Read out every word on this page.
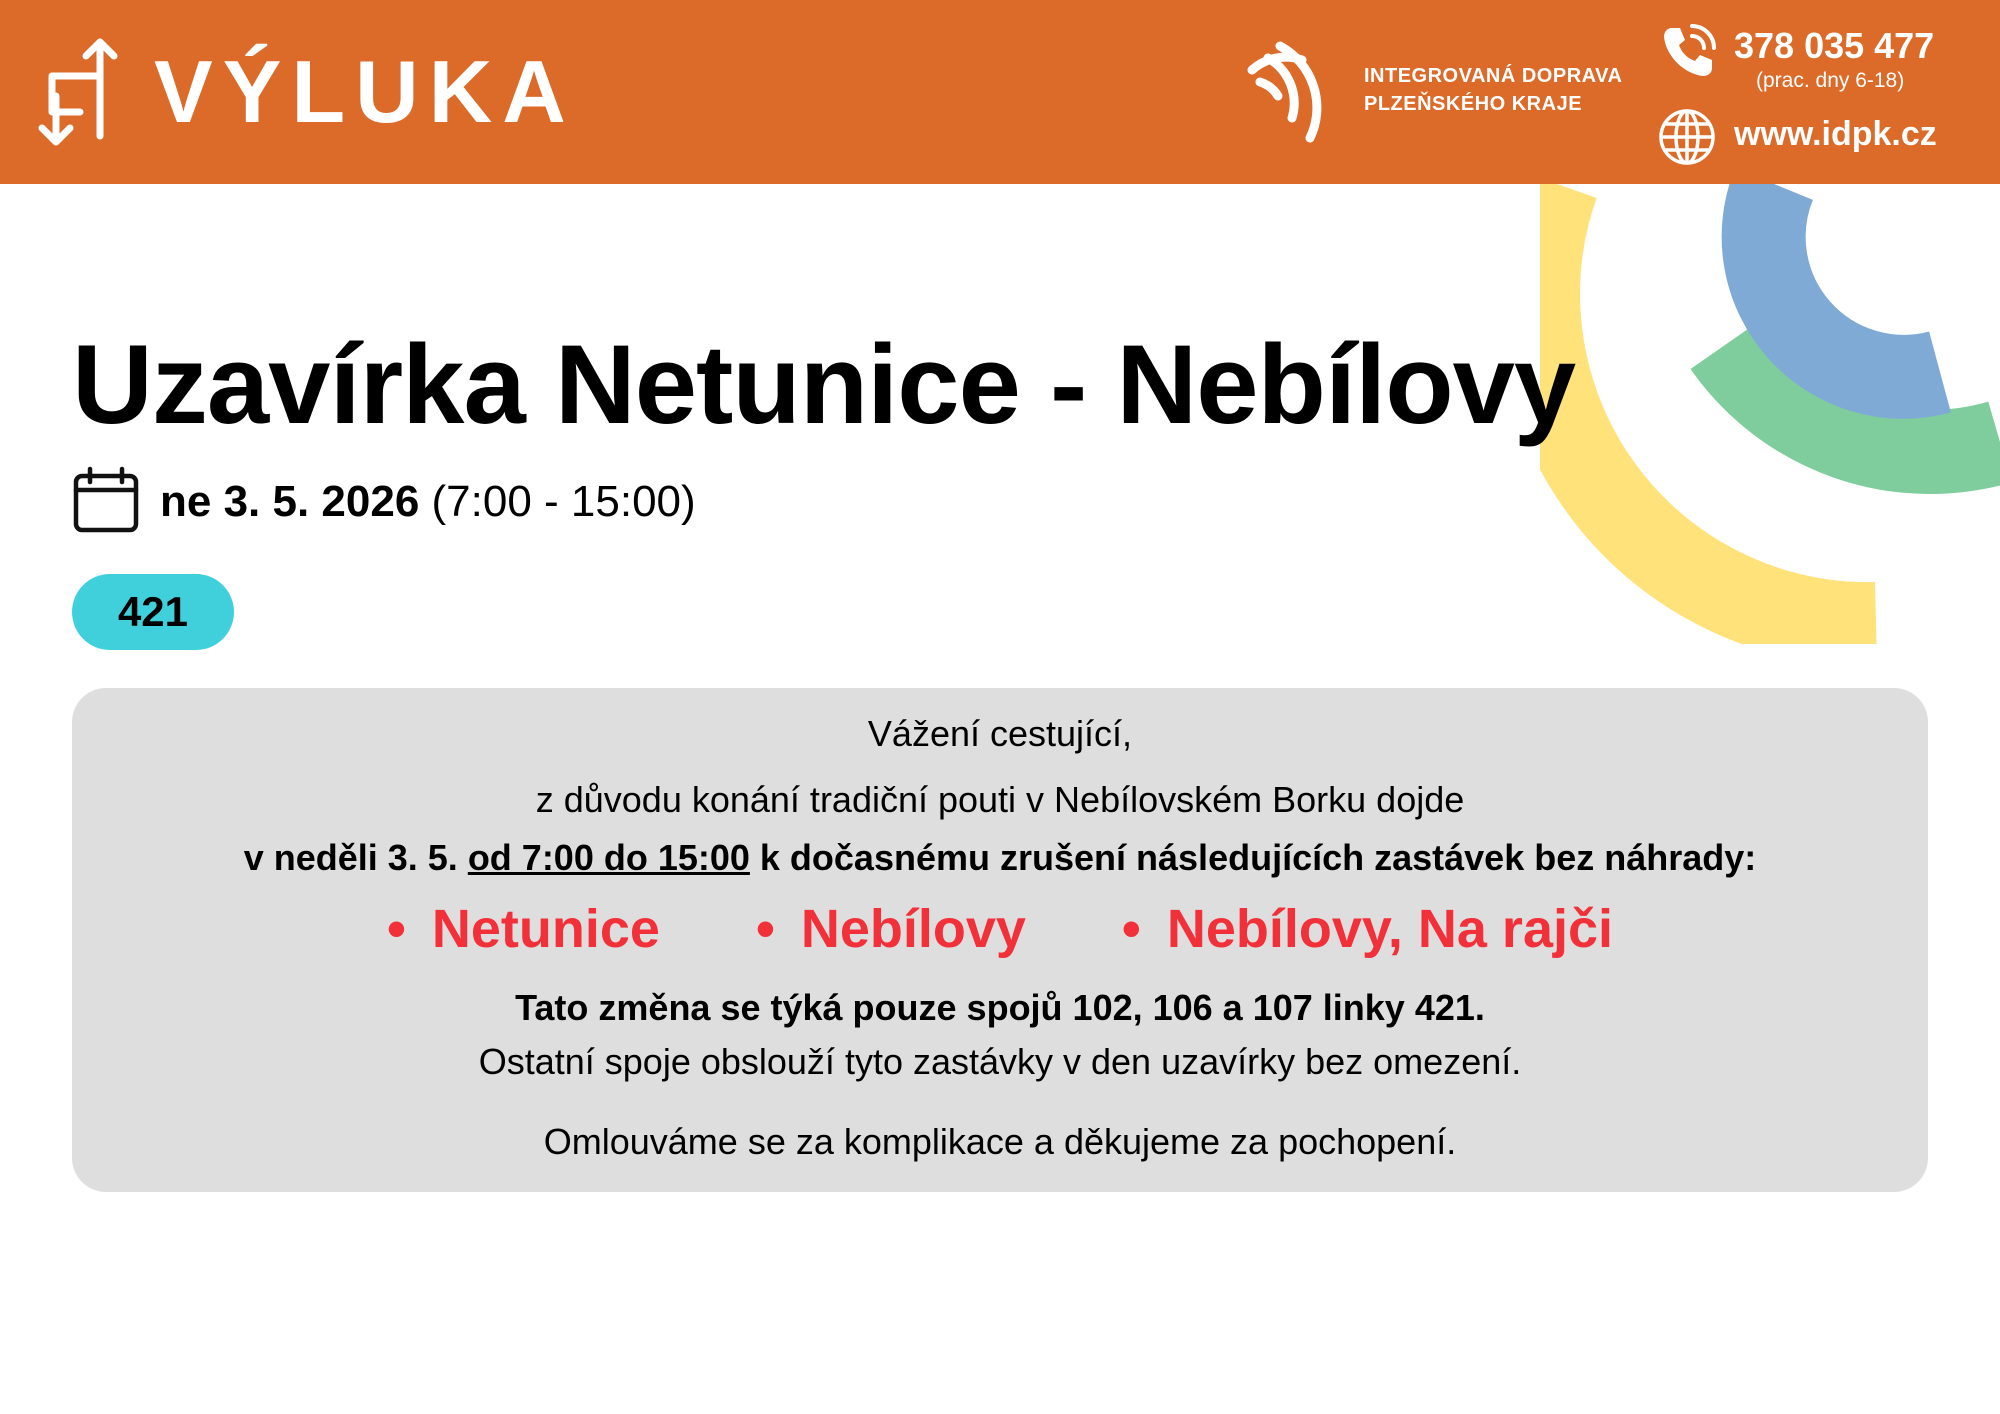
VÝLUKA	INTEGROVANÁ DOPRAVA
PLZEŇSKÉHO KRAJE
378 035 477
(prac. dny 6-18)
www.idpk.cz
Uzavírka Netunice - Nebílovy
ne 3. 5. 2026 (7:00 - 15:00)
421
Vážení cestující,
z důvodu konání tradiční pouti v Nebílovském Borku dojde
v neděli 3. 5. od 7:00 do 15:00 k dočasnému zrušení následujících zastávek bez náhrady:
• Netunice • Nebílovy • Nebílovy, Na rajči
Tato změna se týká pouze spojů 102, 106 a 107 linky 421.
Ostatní spoje obslouží tyto zastávky v den uzavírky bez omezení.
Omlouváme se za komplikace a děkujeme za pochopení.
